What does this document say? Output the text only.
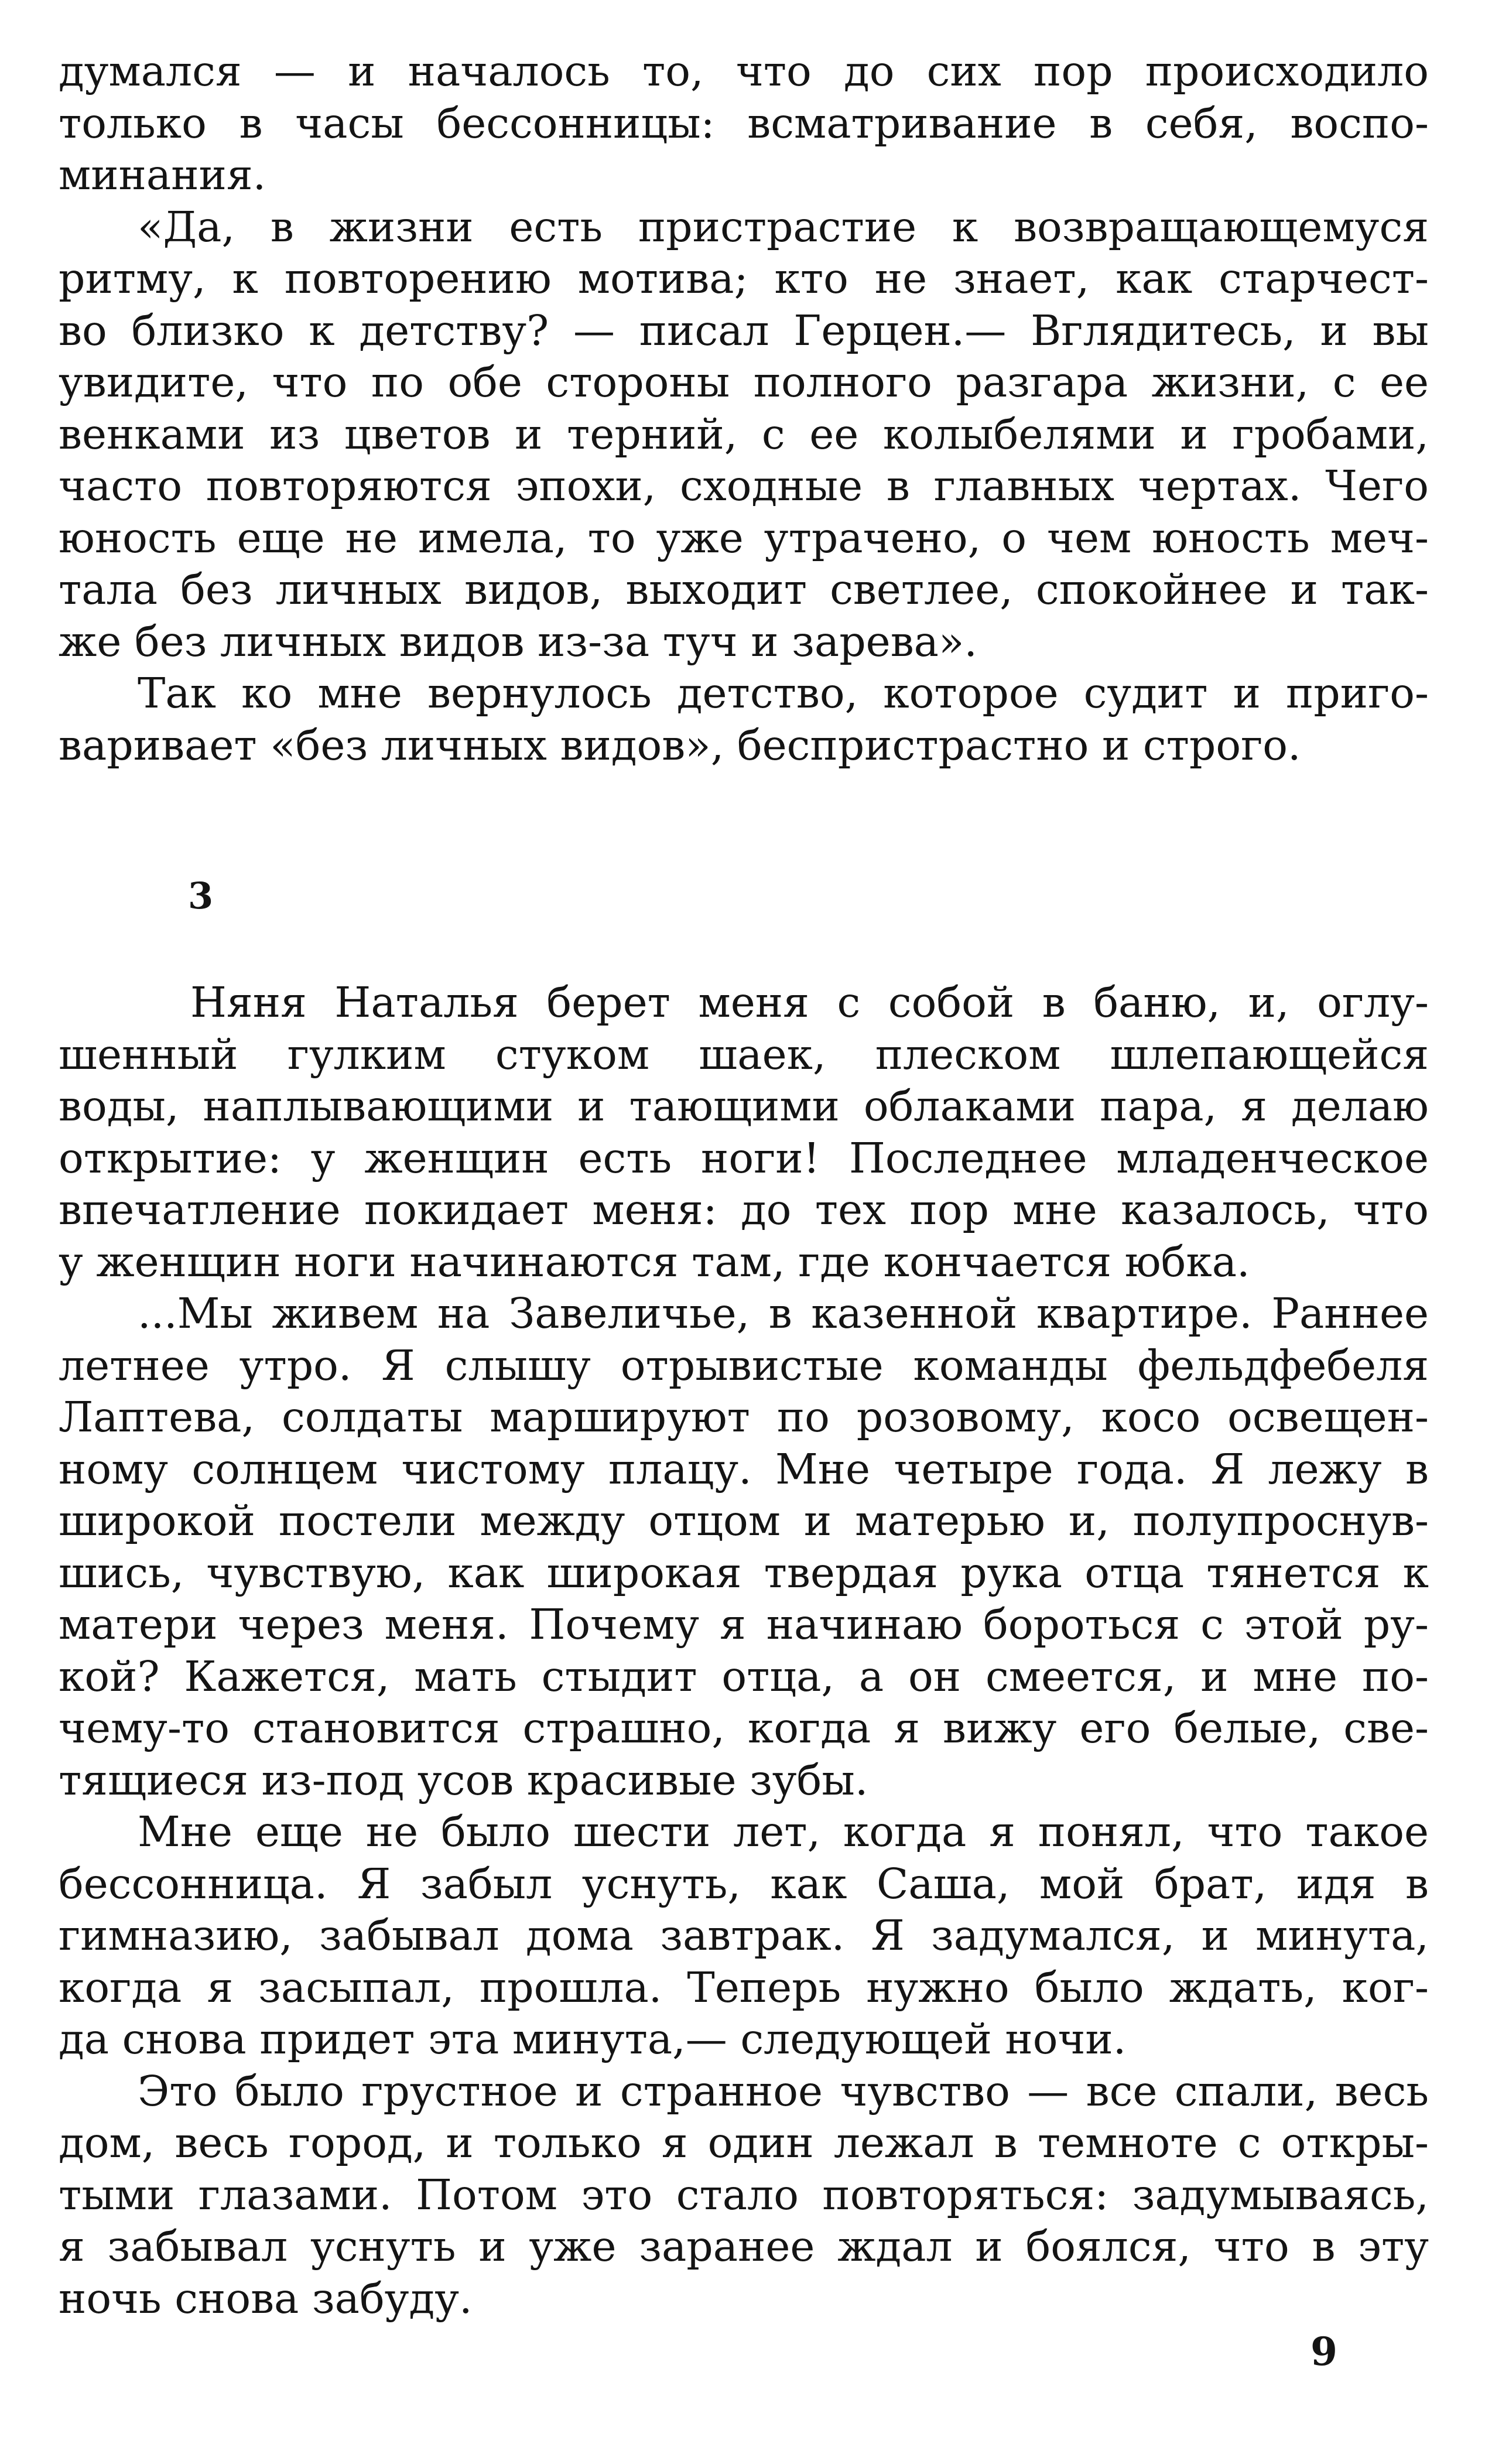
думался — и началось то, что до сих пор происходило
только в часы бессонницы: всматривание в себя, воспо-
минания.
«Да, в жизни есть пристрастие к возвращающемуся
ритму, к повторению мотива; кто не знает, как старчест-
во близко к детству? — писал Герцен.— Вглядитесь, и вы
увидите, что по обе стороны полного разгара жизни, с ее
венками из цветов и терний, с ее колыбелями и гробами,
часто повторяются эпохи, сходные в главных чертах. Чего
юность еще не имела, то уже утрачено, о чем юность меч-
тала без личных видов, выходит светлее, спокойнее и так-
же без личных видов из-за туч и зарева».
Так ко мне вернулось детство, которое судит и приго-
варивает «без личных видов», беспристрастно и строго.
3
Няня Наталья берет меня с собой в баню, и, оглу-
шенный гулким стуком шаек, плеском шлепающейся
воды, наплывающими и тающими облаками пара, я делаю
открытие: у женщин есть ноги! Последнее младенческое
впечатление покидает меня: до тех пор мне казалось, что
у женщин ноги начинаются там, где кончается юбка.
...Мы живем на Завеличье, в казенной квартире. Раннее
летнее утро. Я слышу отрывистые команды фельдфебеля
Лаптева, солдаты маршируют по розовому, косо освещен-
ному солнцем чистому плацу. Мне четыре года. Я лежу в
широкой постели между отцом и матерью и, полупроснув-
шись, чувствую, как широкая твердая рука отца тянется к
матери через меня. Почему я начинаю бороться с этой ру-
кой? Кажется, мать стыдит отца, а он смеется, и мне по-
чему-то становится страшно, когда я вижу его белые, све-
тящиеся из-под усов красивые зубы.
Мне еще не было шести лет, когда я понял, что такое
бессонница. Я забыл уснуть, как Саша, мой брат, идя в
гимназию, забывал дома завтрак. Я задумался, и минута,
когда я засыпал, прошла. Теперь нужно было ждать, ког-
да снова придет эта минута,— следующей ночи.
Это было грустное и странное чувство — все спали, весь
дом, весь город, и только я один лежал в темноте с откры-
тыми глазами. Потом это стало повторяться: задумываясь,
я забывал уснуть и уже заранее ждал и боялся, что в эту
ночь снова забуду.
9
